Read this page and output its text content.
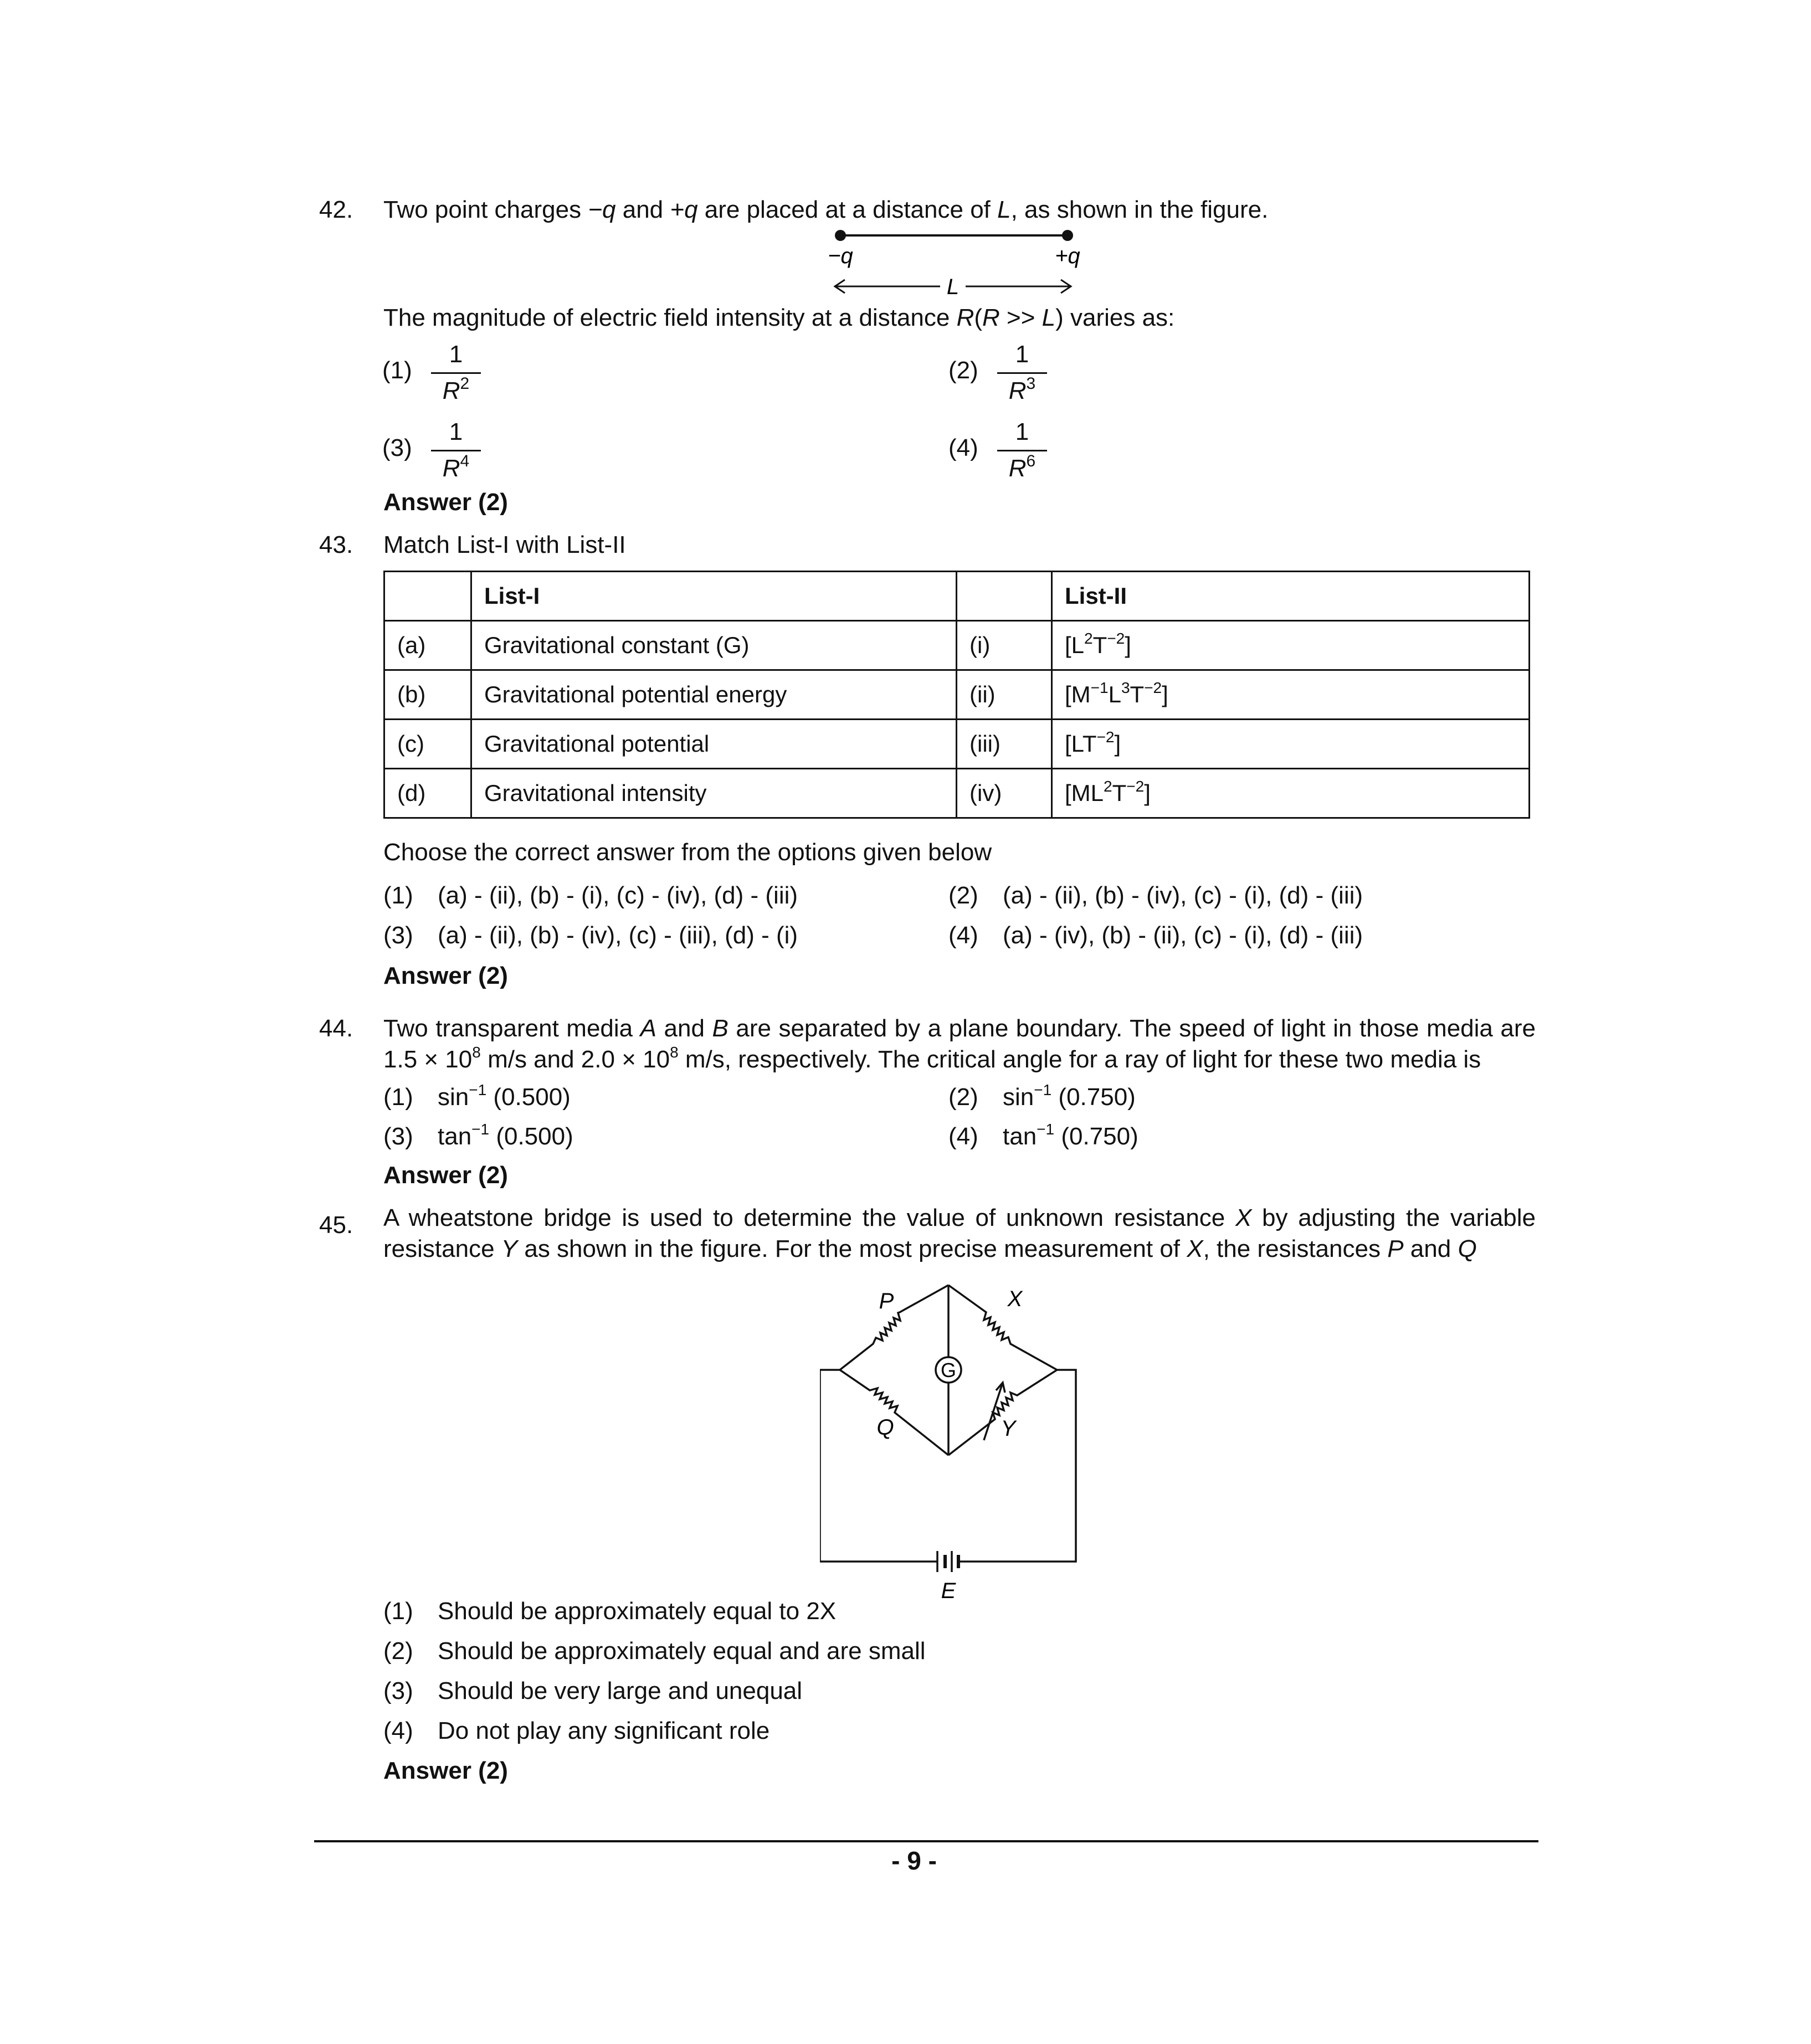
42. Two point charges −q and +q are placed at a distance of L, as shown in the figure.
−q	+q
L
The magnitude of electric field intensity at a distance R(R >> L) varies as:
(1)
1
$R^2$	(2)
1
$R^3$
(3)
1
$R^4$	(4)
1
$R^6$
Answer (2)
43. Match List-I with List-II
	List-I		List-II
(a)	Gravitational constant (G)	(i)	$[L^2T^{-2}]$
(b)	Gravitational potential energy	(ii)	$[M^{-1}L^3T^{-2}]$
(c)	Gravitational potential	(iii)	$[LT^{-2}]$
(d)	Gravitational intensity	(iv)	$[ML^2T^{-2}]$
Choose the correct answer from the options given below
(1) (a) - (ii), (b) - (i), (c) - (iv), (d) - (iii)	(2) (a) - (ii), (b) - (iv), (c) - (i), (d) - (iii)
(3) (a) - (ii), (b) - (iv), (c) - (iii), (d) - (i)	(4) (a) - (iv), (b) - (ii), (c) - (i), (d) - (iii)
Answer (2)
44. Two transparent media A and B are separated by a plane boundary. The speed of light in those media are
$1.5 \times 10^8$ m/s and $2.0 \times 10^8$ m/s, respectively. The critical angle for a ray of light for these two media is
(1) $\sin^{-1} (0.500)$	(2) $\sin^{-1} (0.750)$
(3) $\tan^{-1} (0.500)$	(4) $\tan^{-1} (0.750)$
Answer (2)
45. A wheatstone bridge is used to determine the value of unknown resistance X by adjusting the variable
resistance Y as shown in the figure. For the most precise measurement of X, the resistances P and Q
G
P	X
Q	Y
E
(1) Should be approximately equal to 2X
(2) Should be approximately equal and are small
(3) Should be very large and unequal
(4) Do not play any significant role
Answer (2)
- 9 -
